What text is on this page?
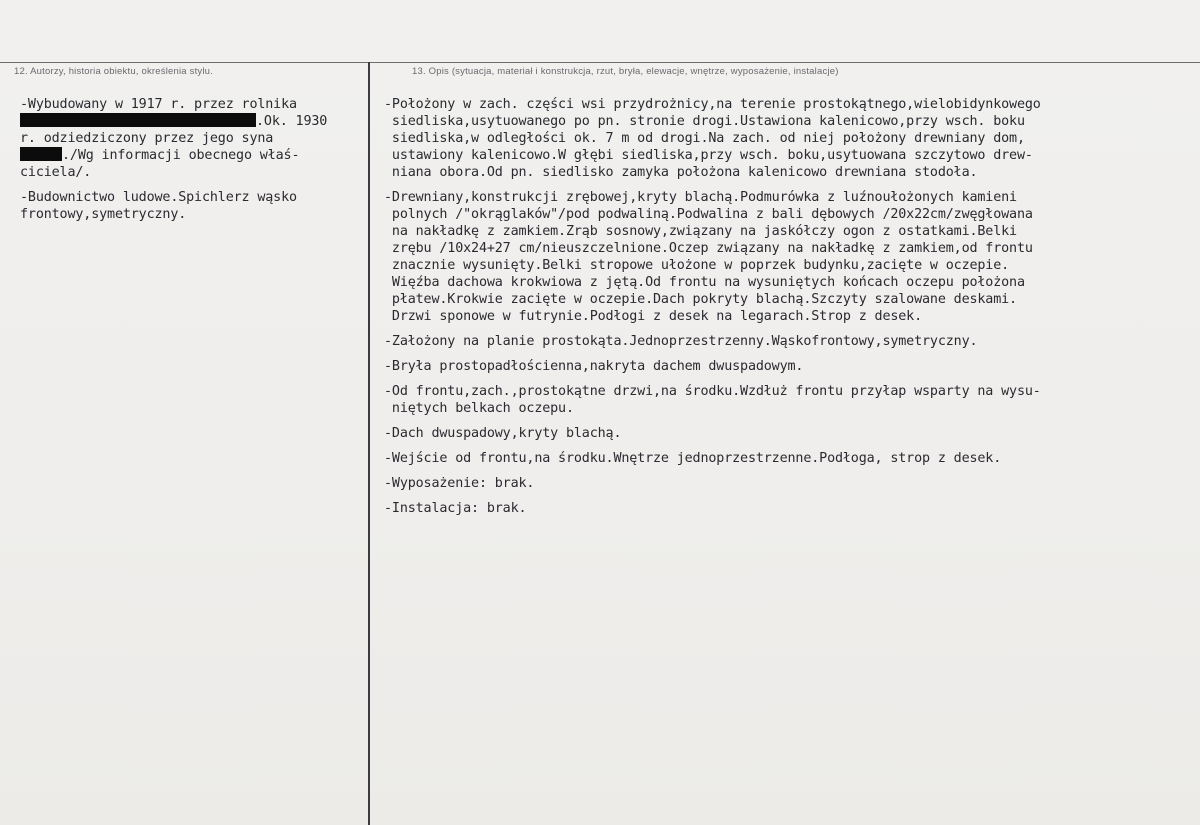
12. Autorzy, historia obiektu, określenia stylu.	13. Opis (sytuacja, materiał i konstrukcja, rzut, bryła, elewacje, wnętrze, wyposażenie, instalacje)
-Wybudowany w 1917 r. przez rolnika
.Ok. 1930
r. odziedziczony przez jego syna
./Wg informacji obecnego właś-
ciciela/.
-Budownictwo ludowe.Spichlerz wąsko
frontowy,symetryczny.
-Położony w zach. części wsi przydrożnicy,na terenie prostokątnego,wielobidynkowego
siedliska,usytuowanego po pn. stronie drogi.Ustawiona kalenicowo,przy wsch. boku
siedliska,w odległości ok. 7 m od drogi.Na zach. od niej położony drewniany dom,
ustawiony kalenicowo.W głębi siedliska,przy wsch. boku,usytuowana szczytowo drew-
niana obora.Od pn. siedlisko zamyka położona kalenicowo drewniana stodoła.
-Drewniany,konstrukcji zrębowej,kryty blachą.Podmurówka z luźnoułożonych kamieni
polnych /"okrąglaków"/pod podwaliną.Podwalina z bali dębowych /20x22cm/zwęgłowana
na nakładkę z zamkiem.Zrąb sosnowy,związany na jaskółczy ogon z ostatkami.Belki
zrębu /10x24+27 cm/nieuszczelnione.Oczep związany na nakładkę z zamkiem,od frontu
znacznie wysunięty.Belki stropowe ułożone w poprzek budynku,zacięte w oczepie.
Więźba dachowa krokwiowa z jętą.Od frontu na wysuniętych końcach oczepu położona
płatew.Krokwie zacięte w oczepie.Dach pokryty blachą.Szczyty szalowane deskami.
Drzwi sponowe w futrynie.Podłogi z desek na legarach.Strop z desek.
-Założony na planie prostokąta.Jednoprzestrzenny.Wąskofrontowy,symetryczny.
-Bryła prostopadłościenna,nakryta dachem dwuspadowym.
-Od frontu,zach.,prostokątne drzwi,na środku.Wzdłuż frontu przyłap wsparty na wysu-
niętych belkach oczepu.
-Dach dwuspadowy,kryty blachą.
-Wejście od frontu,na środku.Wnętrze jednoprzestrzenne.Podłoga, strop z desek.
-Wyposażenie: brak.
-Instalacja: brak.
